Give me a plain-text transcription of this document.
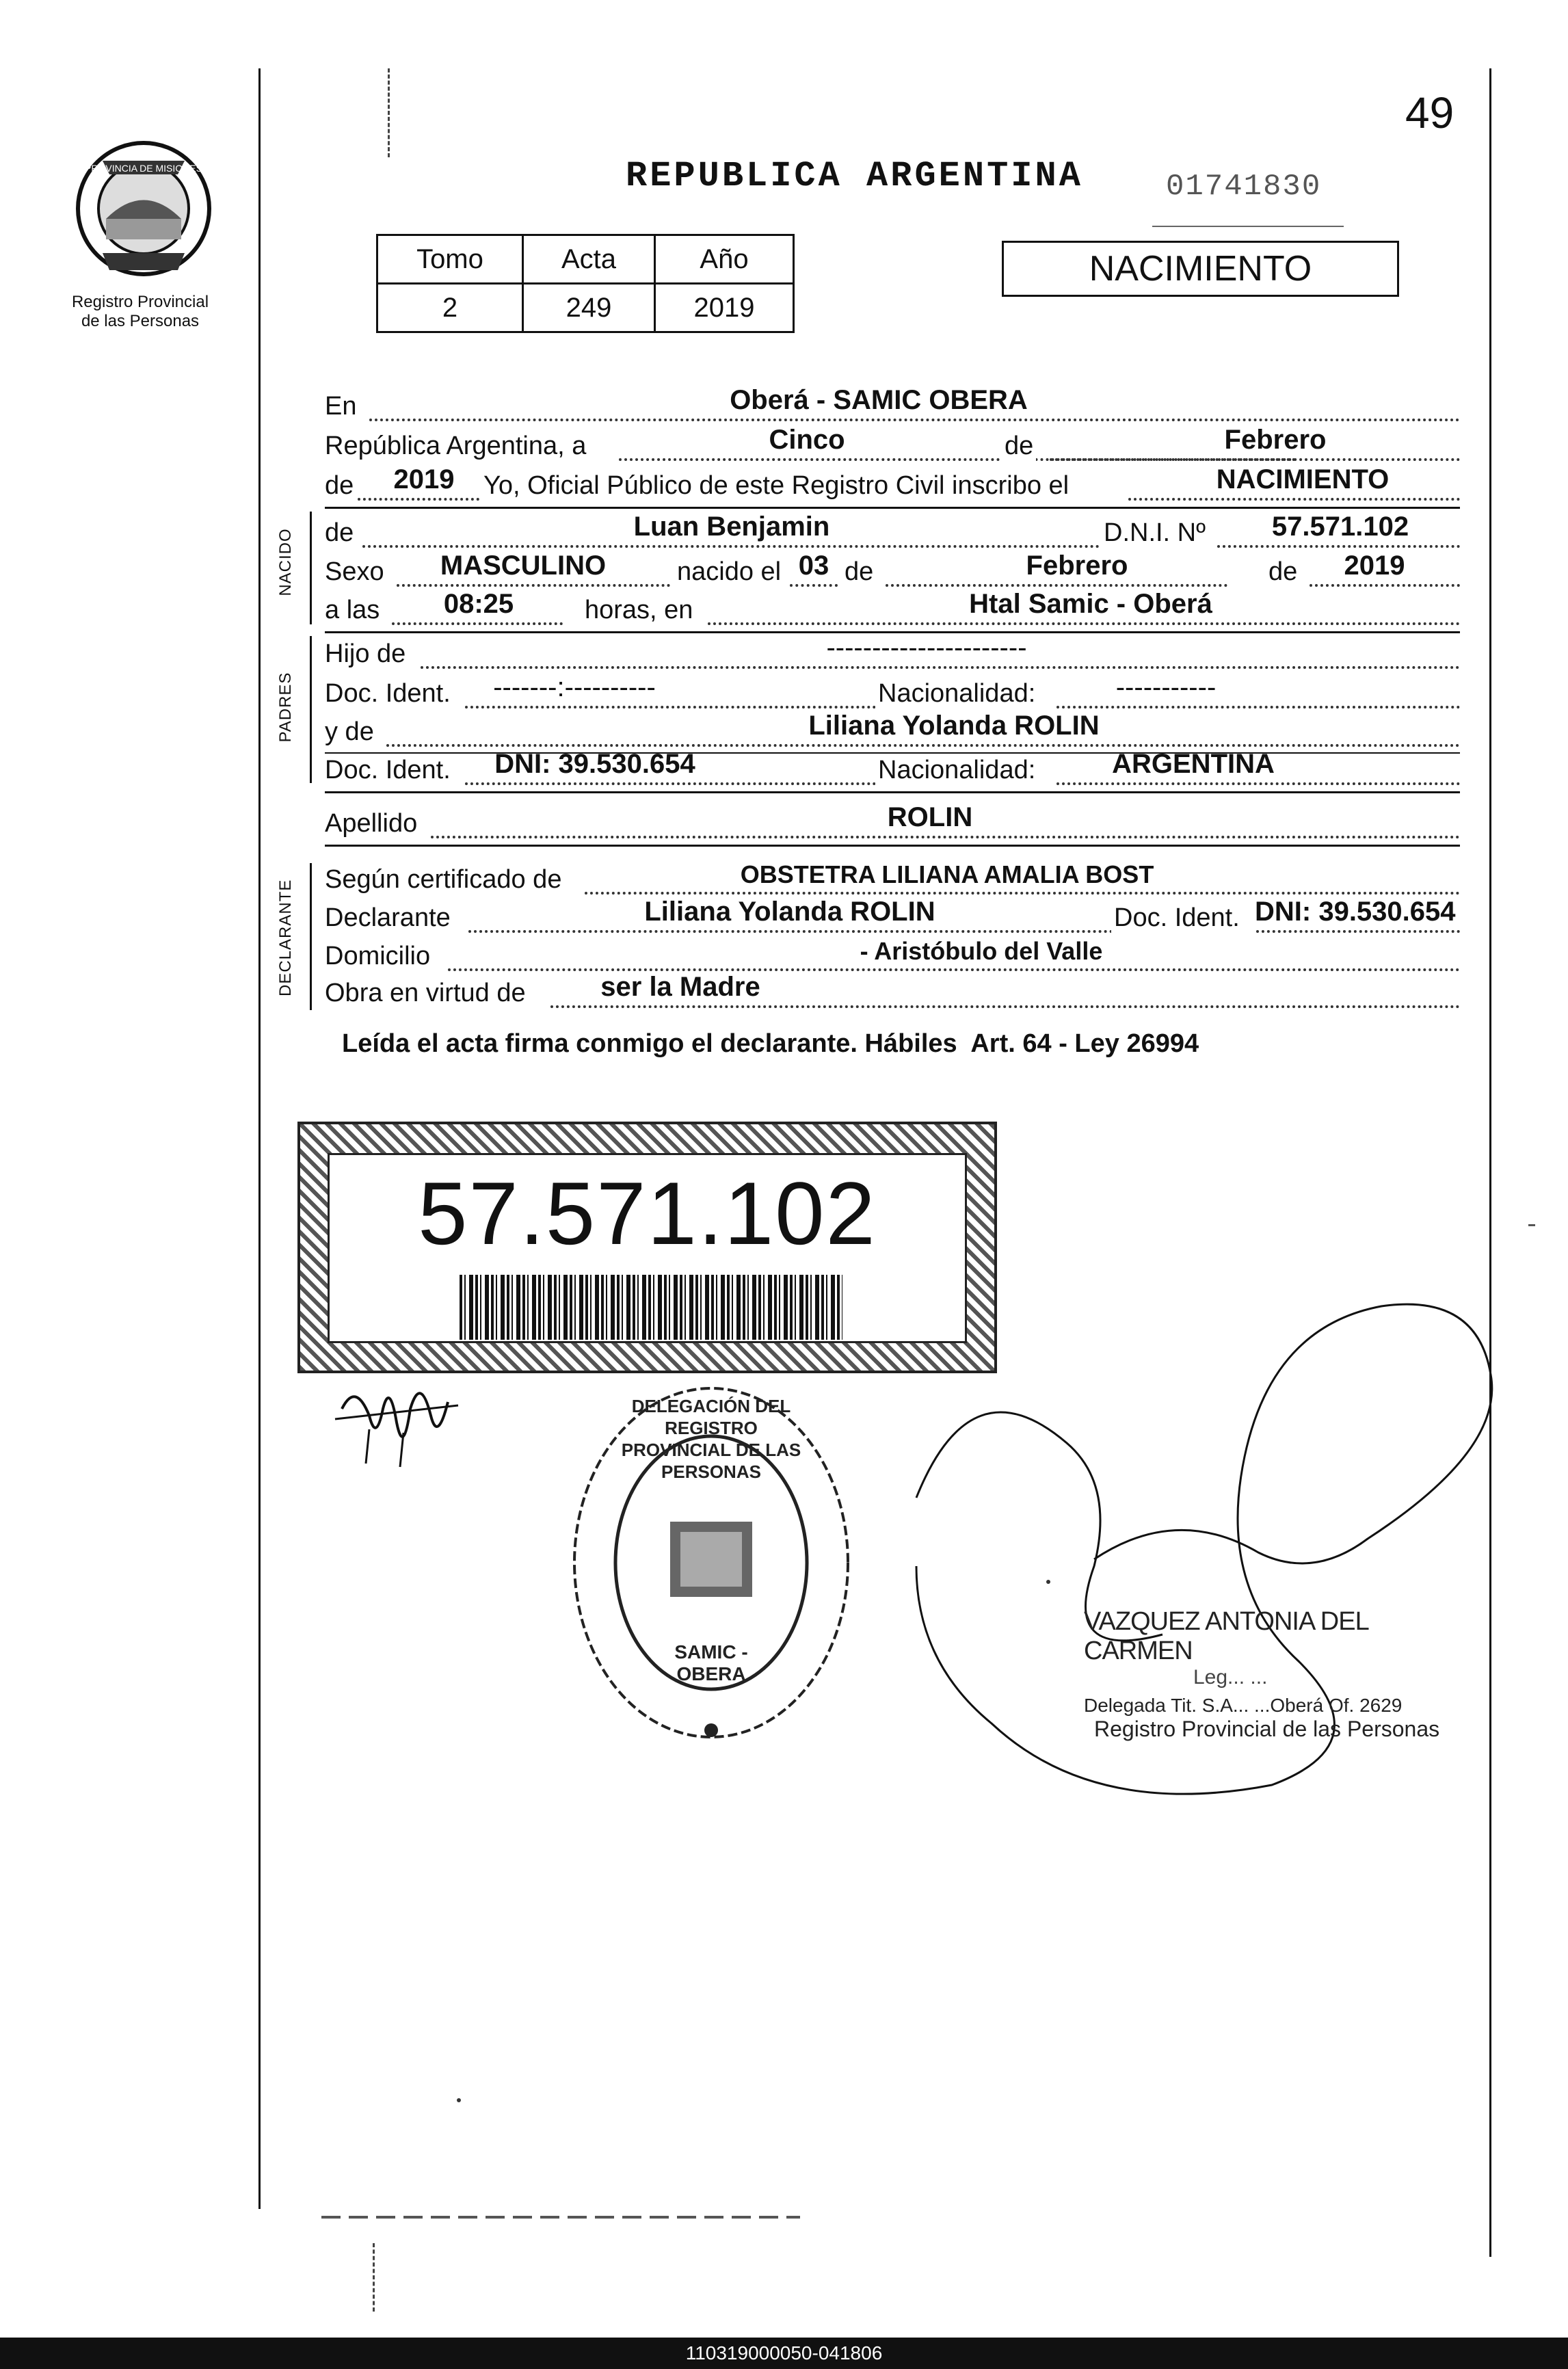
PROVINCIA DE MISIONES
Registro Provincial
de las Personas
49
REPUBLICA ARGENTINA	01741830
Tomo	Acta	Año
2	249	2019
NACIMIENTO
En	Oberá - SAMIC OBERA
República Argentina, a	Cinco	de	Febrero
de	2019	Yo, Oficial Público de este Registro Civil inscribo el	NACIMIENTO
NACIDO de	Luan Benjamin	D.N.I. Nº	57.571.102
Sexo	MASCULINO	nacido el 03 de	Febrero	de	2019
a las	08:25	horas, en	Htal Samic - Oberá
PADRES
Hijo de	----------------------
Doc. Ident.	-------:----------	Nacionalidad:	-----------
y de	Liliana Yolanda ROLIN
Doc. Ident.	DNI: 39.530.654	Nacionalidad:	ARGENTINA
Apellido	ROLIN
DECLARANTE Según certificado de	OBSTETRA LILIANA AMALIA BOST
Declarante	Liliana Yolanda ROLIN	Doc. Ident. DNI: 39.530.654
Domicilio	- Aristóbulo del Valle
Obra en virtud de	ser la Madre
Leída el acta firma conmigo el declarante. Hábiles  Art. 64 - Ley 26994
57.571.102
DELEGACIÓN DEL REGISTRO PROVINCIAL DE LAS PERSONAS
SAMIC - OBERA
VAZQUEZ ANTONIA DEL CARMEN
Leg... ...
Delegada Tit. S.A... ...Oberá Of. 2629
Registro Provincial de las Personas
110319000050-041806
